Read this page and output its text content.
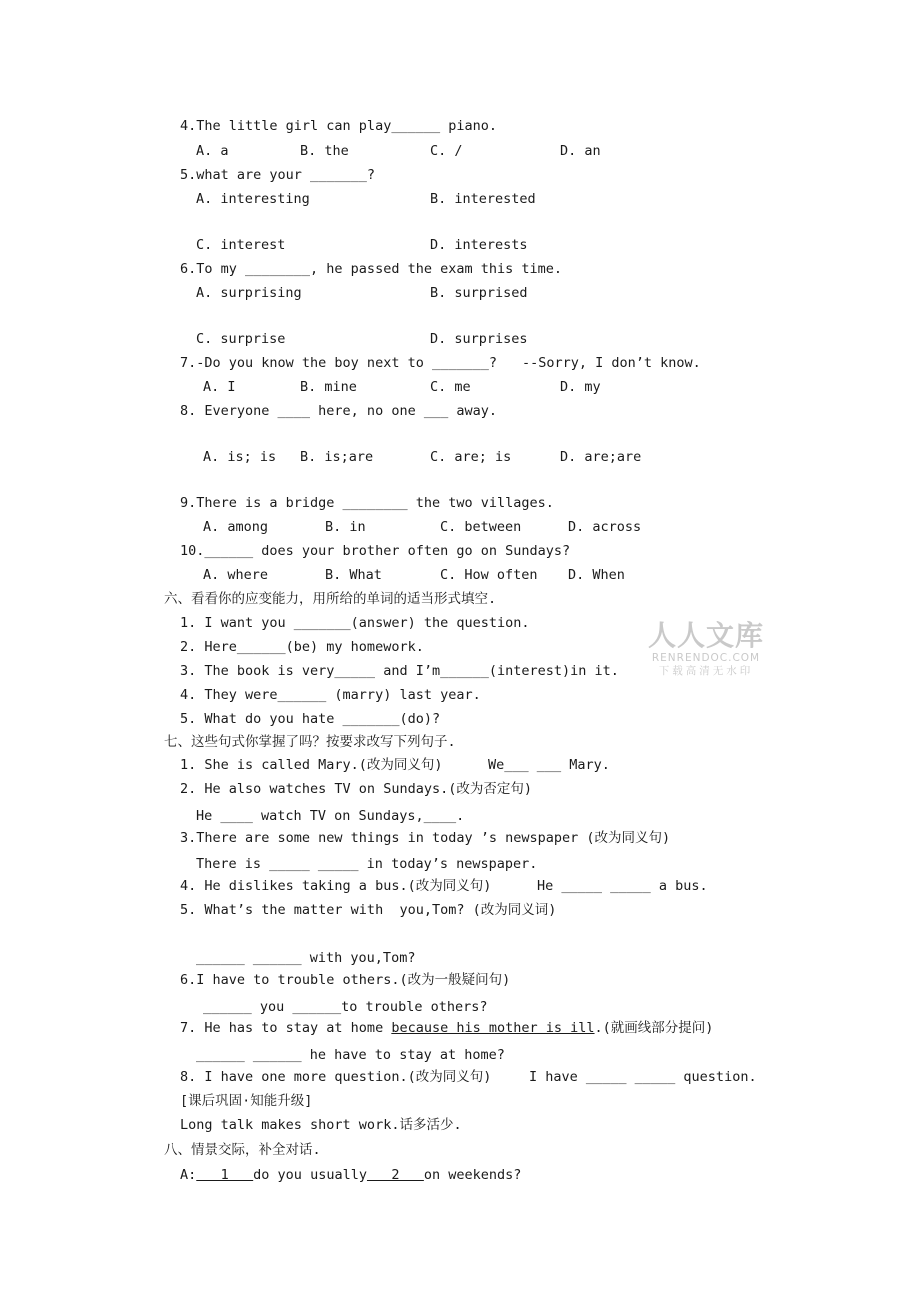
4.The little girl can play______ piano.
A. a	B. the	C. /	D. an
5.what are your _______?
A. interesting	B. interested
C. interest	D. interests
6.To my ________, he passed the exam this time.
A. surprising	B. surprised
C. surprise	D. surprises
7.-Do you know the boy next to _______? --Sorry, I don’t know.
A. I	B. mine	C. me	D. my
8. Everyone ____ here, no one ___ away.
A. is; is B. is;are	C. are; is	D. are;are
9.There is a bridge ________ the two villages.
A. among	B. in	C. between	D. across
10.______ does your brother often go on Sundays?
A. where	B. What	C. How often D. When
六、看看你的应变能力，用所给的单词的适当形式填空.
1. I want you _______(answer) the question.
2. Here______(be) my homework.
3. The book is very_____ and I’m______(interest)in it.
4. They were______ (marry) last year.
5. What do you hate _______(do)?
七、这些句式你掌握了吗？按要求改写下列句子.
1. She is called Mary.(改为同义句)	We___ ___ Mary.
2. He also watches TV on Sundays.(改为否定句)
He ____ watch TV on Sundays,____.
3.There are some new things in today ’s newspaper (改为同义句)
There is _____ _____ in today’s newspaper.
4. He dislikes taking a bus.(改为同义句)	He _____ _____ a bus.
5. What’s the matter with  you,Tom? (改为同义词)
______ ______ with you,Tom?
6.I have to trouble others.(改为一般疑问句)
______ you ______to trouble others?
7. He has to stay at home because his mother is ill.(就画线部分提问)
______ ______ he have to stay at home?
8. I have one more question.(改为同义句)	I have _____ _____ question.
[课后巩固·知能升级]
Long talk makes short work.话多活少.
八、情景交际，补全对话.
A:   1   do you usually   2   on weekends?
人人文库
RENRENDOC.COM
下载高清无水印
